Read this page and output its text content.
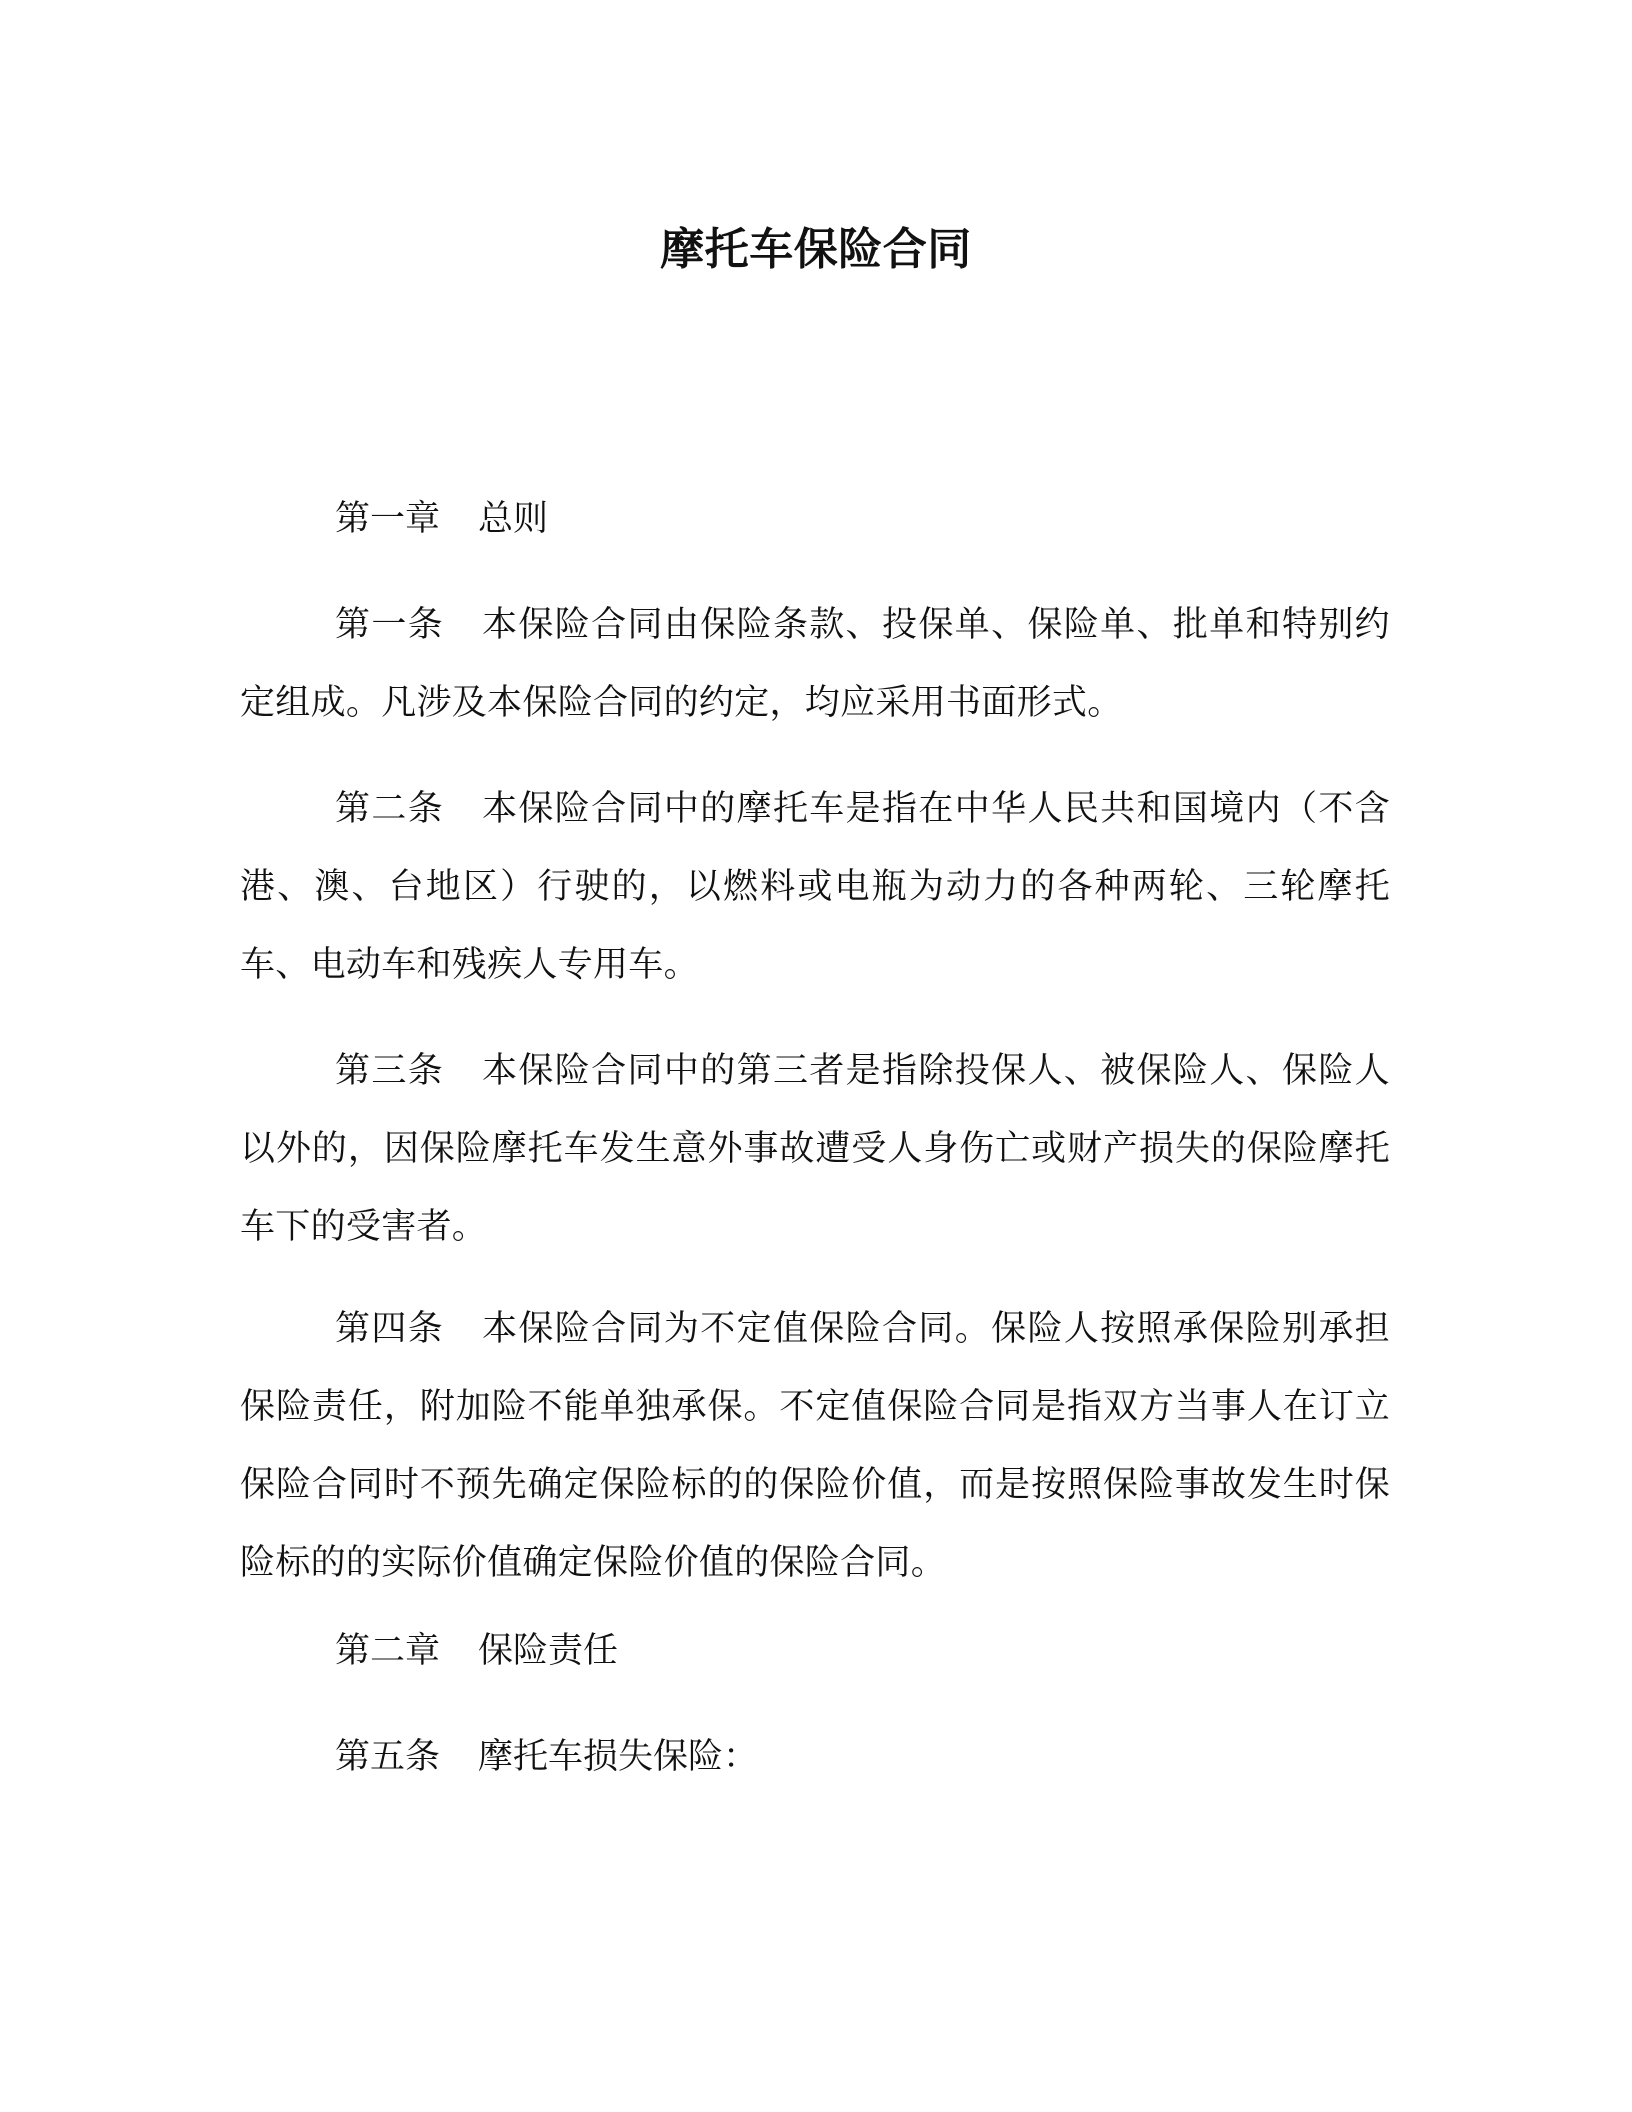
摩托车保险合同
第一章 总则
第一条 本保险合同由保险条款、投保单、保险单、批单和特别约定组成。凡涉及本保险合同的约定，均应采用书面形式。
第二条 本保险合同中的摩托车是指在中华人民共和国境内（不含港、澳、台地区）行驶的，以燃料或电瓶为动力的各种两轮、三轮摩托车、电动车和残疾人专用车。
第三条 本保险合同中的第三者是指除投保人、被保险人、保险人以外的，因保险摩托车发生意外事故遭受人身伤亡或财产损失的保险摩托车下的受害者。
第四条 本保险合同为不定值保险合同。保险人按照承保险别承担保险责任，附加险不能单独承保。不定值保险合同是指双方当事人在订立保险合同时不预先确定保险标的的保险价值，而是按照保险事故发生时保险标的的实际价值确定保险价值的保险合同。
第二章 保险责任
第五条 摩托车损失保险：
